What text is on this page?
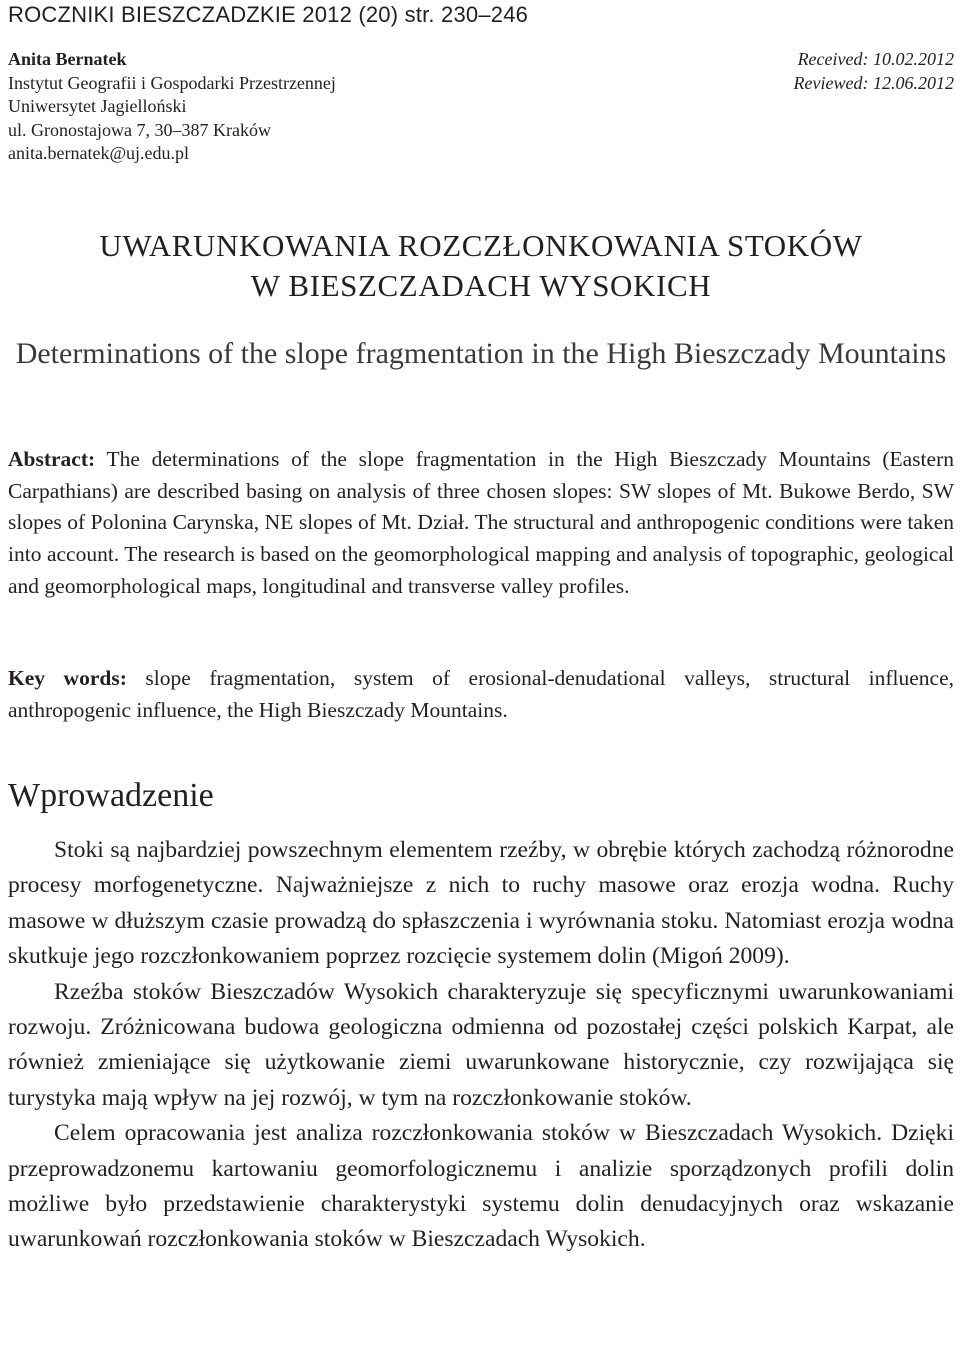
ROCZNIKI BIESZCZADZKIE 2012 (20) str. 230–246
Anita Bernatek
Instytut Geografii i Gospodarki Przestrzennej
Uniwersytet Jagielloński
ul. Gronostajowa 7, 30–387 Kraków
anita.bernatek@uj.edu.pl
Received: 10.02.2012
Reviewed: 12.06.2012
UWARUNKOWANIA ROZCZŁONKOWANIA STOKÓW
W BIESZCZADACH WYSOKICH
Determinations of the slope fragmentation in the High Bieszczady Mountains
Abstract: The determinations of the slope fragmentation in the High Bieszczady Mountains (Eastern Carpathians) are described basing on analysis of three chosen slopes: SW slopes of Mt. Bukowe Berdo, SW slopes of Polonina Carynska, NE slopes of Mt. Dział. The structural and anthropogenic conditions were taken into account. The research is based on the geomorphological mapping and analysis of topographic, geological and geomorphological maps, longitudinal and transverse valley profiles.
Key words: slope fragmentation, system of erosional-denudational valleys, structural influence, anthropogenic influence, the High Bieszczady Mountains.
Wprowadzenie

Stoki są najbardziej powszechnym elementem rzeźby, w obrębie których zachodzą różnorodne procesy morfogenetyczne. Najważniejsze z nich to ruchy masowe oraz erozja wodna. Ruchy masowe w dłuższym czasie prowadzą do spłaszczenia i wyrównania stoku. Natomiast erozja wodna skutkuje jego rozczłonkowaniem poprzez rozcięcie systemem dolin (Migoń 2009).

Rzeźba stoków Bieszczadów Wysokich charakteryzuje się specyficznymi uwarunkowaniami rozwoju. Zróżnicowana budowa geologiczna odmienna od pozostałej części polskich Karpat, ale również zmieniające się użytkowanie ziemi uwarunkowane historycznie, czy rozwijająca się turystyka mają wpływ na jej rozwój, w tym na rozczłonkowanie stoków.

Celem opracowania jest analiza rozczłonkowania stoków w Bieszczadach Wysokich. Dzięki przeprowadzonemu kartowaniu geomorfologicznemu i analizie sporządzonych profili dolin możliwe było przedstawienie charakterystyki systemu dolin denudacyjnych oraz wskazanie uwarunkowań rozczłonkowania stoków w Bieszczadach Wysokich.
